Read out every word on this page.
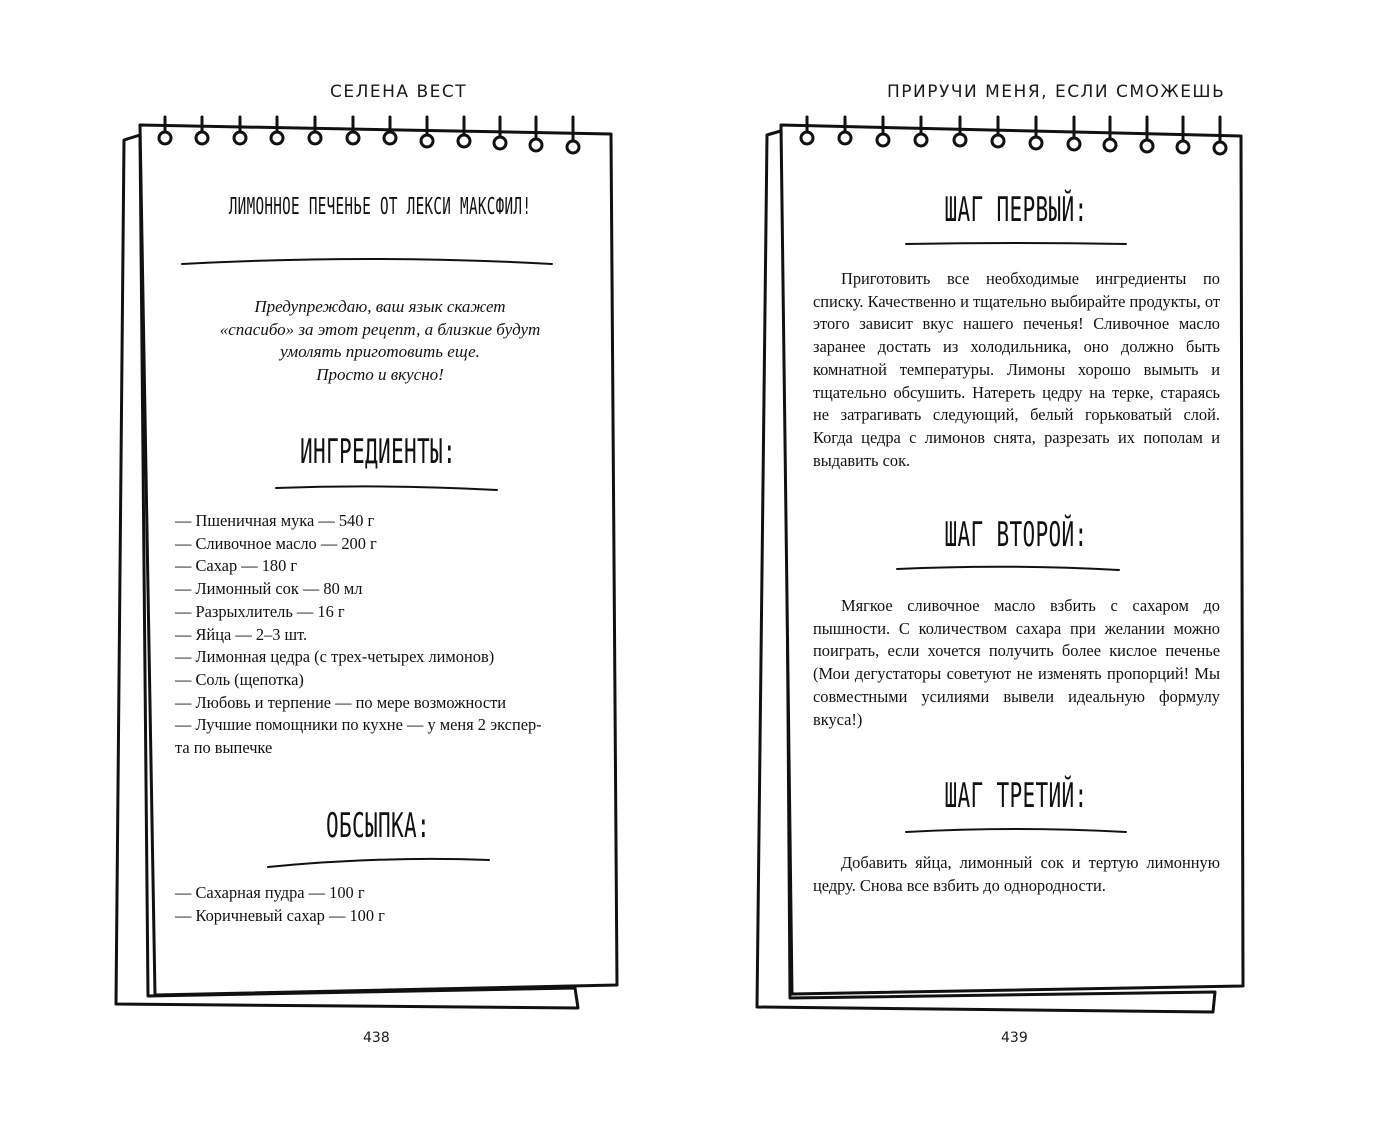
СЕЛЕНА ВЕСТ
ЛИМОННОЕ ПЕЧЕНЬЕ ОТ ЛЕКСИ МАКСФИЛ!
Предупреждаю, ваш язык скажет
«спасибо» за этот рецепт, а близкие будут
умолять приготовить еще.
Просто и вкусно!
ИНГРЕДИЕНТЫ:
— Пшеничная мука — 540 г
— Сливочное масло — 200 г
— Сахар — 180 г
— Лимонный сок — 80 мл
— Разрыхлитель — 16 г
— Яйца — 2–3 шт.
— Лимонная цедра (с трех-четырех лимонов)
— Соль (щепотка)
— Любовь и терпение — по мере возможности
— Лучшие помощники по кухне — у меня 2 экспер-
та по выпечке
ОБСЫПКА:
— Сахарная пудра — 100 г
— Коричневый сахар — 100 г
438
ПРИРУЧИ МЕНЯ, ЕСЛИ СМОЖЕШЬ
ШАГ ПЕРВЫЙ:

Приготовить все необходимые ингредиенты по списку. Качественно и тщательно выбирайте продукты, от этого зависит вкус нашего печенья! Сливочное масло заранее достать из холодильника, оно должно быть комнатной температуры. Лимоны хорошо вымыть и тщательно обсушить. Натереть цедру на терке, стараясь не затрагивать следующий, белый горьковатый слой. Когда цедра с лимонов снята, разрезать их пополам и выдавить сок.

ШАГ ВТОРОЙ:

Мягкое сливочное масло взбить с сахаром до пышности. С количеством сахара при желании можно поиграть, если хочется получить более кислое печенье (Мои дегустаторы советуют не изменять пропорций! Мы совместными усилиями вывели идеальную формулу вкуса!)

ШАГ ТРЕТИЙ:

Добавить яйца, лимонный сок и тертую лимонную цедру. Снова все взбить до однородности.

439
